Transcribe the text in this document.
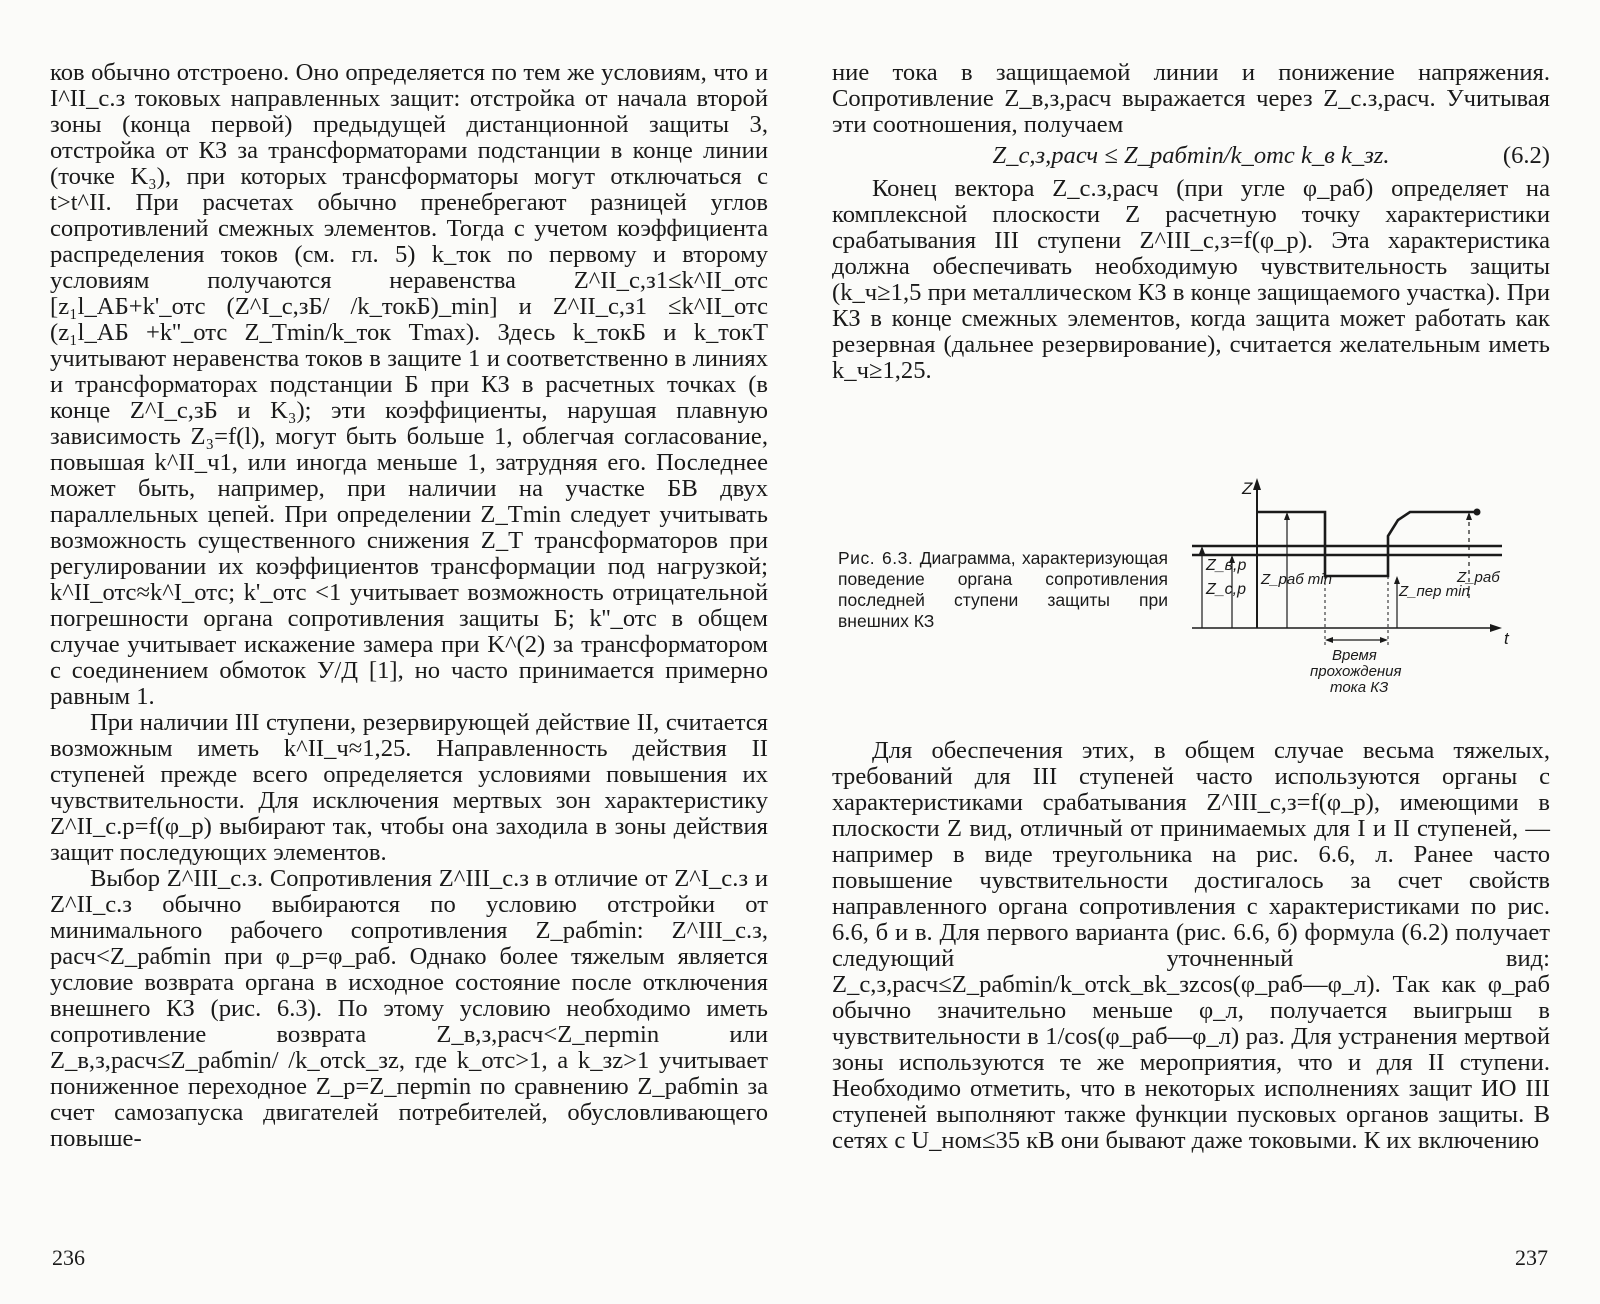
ков обычно отстроено. Оно определяется по тем же условиям, что и I^II_с.з токовых направленных защит: отстройка от начала второй зоны (конца первой) предыдущей дистанционной защиты 3, отстройка от КЗ за трансформаторами подстанции в конце линии (точке K₃), при которых трансформаторы могут отключаться с t>t^II. При расчетах обычно пренебрегают разницей углов сопротивлений смежных элементов. Тогда с учетом коэффициента распределения токов (см. гл. 5) k_ток по первому и второму условиям получаются неравенства Z^II_с,з1≤k^II_отс [z₁l_АБ+k'_отс (Z^I_с,зБ/ /k_токБ)_min] и Z^II_с,з1 ≤k^II_отс (z₁l_АБ +k''_отс Z_Тmin/k_ток Тmax). Здесь k_токБ и k_токТ учитывают неравенства токов в защите 1 и соответственно в линиях и трансформаторах подстанции Б при КЗ в расчетных точках (в конце Z^I_с,зБ и K₃); эти коэффициенты, нарушая плавную зависимость Z₃=f(l), могут быть больше 1, облегчая согласование, повышая k^II_ч1, или иногда меньше 1, затрудняя его. Последнее может быть, например, при наличии на участке БВ двух параллельных цепей. При определении Z_Тmin следует учитывать возможность существенного снижения Z_Т трансформаторов при регулировании их коэффициентов трансформации под нагрузкой; k^II_отс≈k^I_отс; k'_отс <1 учитывает возможность отрицательной погрешности органа сопротивления защиты Б; k''_отс в общем случае учитывает искажение замера при K^(2) за трансформатором с соединением обмоток У/Д [1], но часто принимается примерно равным 1.

При наличии III ступени, резервирующей действие II, считается возможным иметь k^II_ч≈1,25. Направленность действия II ступеней прежде всего определяется условиями повышения их чувствительности. Для исключения мертвых зон характеристику Z^II_с.р=f(φ_р) выбирают так, чтобы она заходила в зоны действия защит последующих элементов.

Выбор Z^III_с.з. Сопротивления Z^III_с.з в отличие от Z^I_с.з и Z^II_с.з обычно выбираются по условию отстройки от минимального рабочего сопротивления Z_рабmin: Z^III_с.з, расч<Z_рабmin при φ_р=φ_раб. Однако более тяжелым является условие возврата органа в исходное состояние после отключения внешнего КЗ (рис. 6.3). По этому условию необходимо иметь сопротивление возврата Z_в,з,расч<Z_перmin или Z_в,з,расч≤Z_рабmin/ /k_отсk_зz, где k_отс>1, а k_зz>1 учитывает пониженное переходное Z_р=Z_перmin по сравнению Z_рабmin за счет самозапуска двигателей потребителей, обусловливающего повыше-

236

ние тока в защищаемой линии и понижение напряжения. Сопротивление Z_в,з,расч выражается через Z_с.з,расч. Учитывая эти соотношения, получаем

Z_с,з,расч ≤ Z_рабmin/k_отс k_в k_зz.	(6.2)

Конец вектора Z_с.з,расч (при угле φ_раб) определяет на комплексной плоскости Z расчетную точку характеристики срабатывания III ступени Z^III_с,з=f(φ_р). Эта характеристика должна обеспечивать необходимую чувствительность защиты (k_ч≥1,5 при металлическом КЗ в конце защищаемого участка). При КЗ в конце смежных элементов, когда защита может работать как резервная (дальнее резервирование), считается желательным иметь k_ч≥1,25.

Рис. 6.3. Диаграмма, характеризующая поведение органа сопротивления последней ступени защиты при внешних КЗ
Z
t
Z_в,р
Z_с,р
Z_раб min
Z_пер min
Z_раб
Время
прохождения
тока КЗ

Для обеспечения этих, в общем случае весьма тяжелых, требований для III ступеней часто используются органы с характеристиками срабатывания Z^III_с,з=f(φ_р), имеющими в плоскости Z вид, отличный от принимаемых для I и II ступеней, — например в виде треугольника на рис. 6.6, л. Ранее часто повышение чувствительности достигалось за счет свойств направленного органа сопротивления с характеристиками по рис. 6.6, б и в. Для первого варианта (рис. 6.6, б) формула (6.2) получает следующий уточненный вид: Z_с,з,расч≤Z_рабmin/k_отсk_вk_зzcos(φ_раб—φ_л). Так как φ_раб обычно значительно меньше φ_л, получается выигрыш в чувствительности в 1/cos(φ_раб—φ_л) раз. Для устранения мертвой зоны используются те же мероприятия, что и для II ступени. Необходимо отметить, что в некоторых исполнениях защит ИО III ступеней выполняют также функции пусковых органов защиты. В сетях с U_ном≤35 кВ они бывают даже токовыми. К их включению

237
